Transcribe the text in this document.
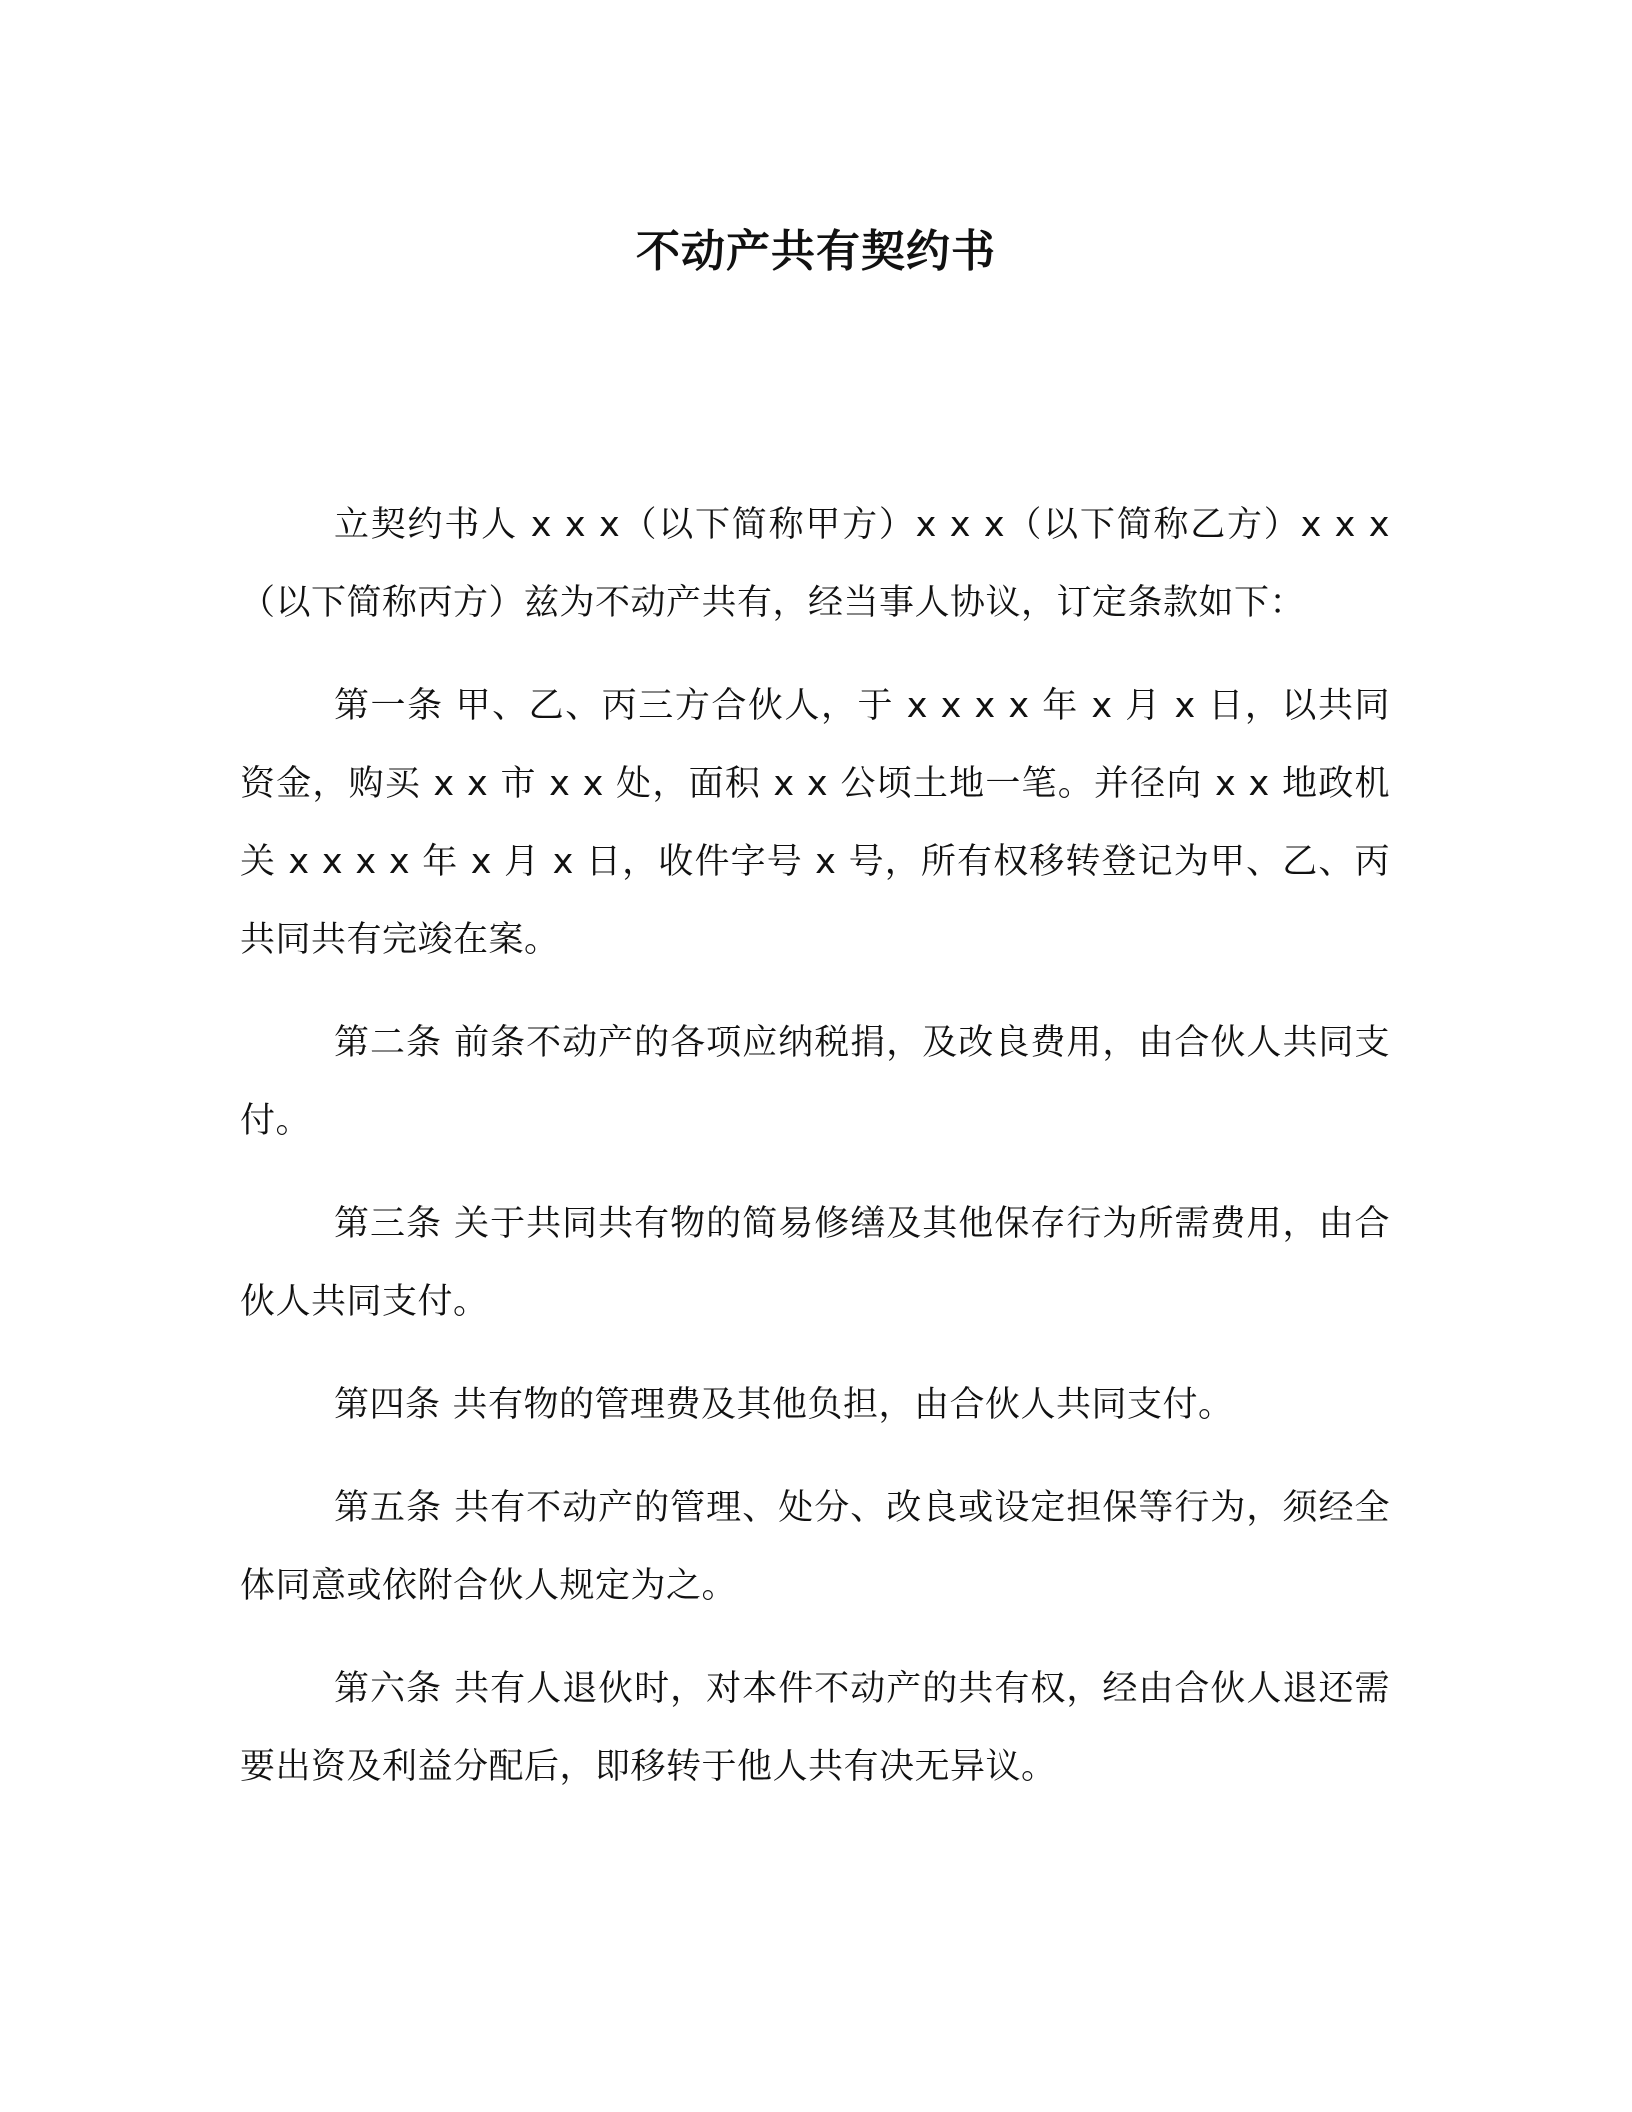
不动产共有契约书

立契约书人 x x x（以下简称甲方）x x x（以下简称乙方）x x x（以下简称丙方）兹为不动产共有，经当事人协议，订定条款如下：

第一条 甲、乙、丙三方合伙人，于 x x x x 年 x 月 x 日，以共同资金，购买 x x 市 x x 处，面积 x x 公顷土地一笔。并径向 x x 地政机关 x x x x 年 x 月 x 日，收件字号 x 号，所有权移转登记为甲、乙、丙共同共有完竣在案。

第二条 前条不动产的各项应纳税捐，及改良费用，由合伙人共同支付。

第三条 关于共同共有物的简易修缮及其他保存行为所需费用，由合伙人共同支付。

第四条 共有物的管理费及其他负担，由合伙人共同支付。

第五条 共有不动产的管理、处分、改良或设定担保等行为，须经全体同意或依附合伙人规定为之。

第六条 共有人退伙时，对本件不动产的共有权，经由合伙人退还需要出资及利益分配后，即移转于他人共有决无异议。
